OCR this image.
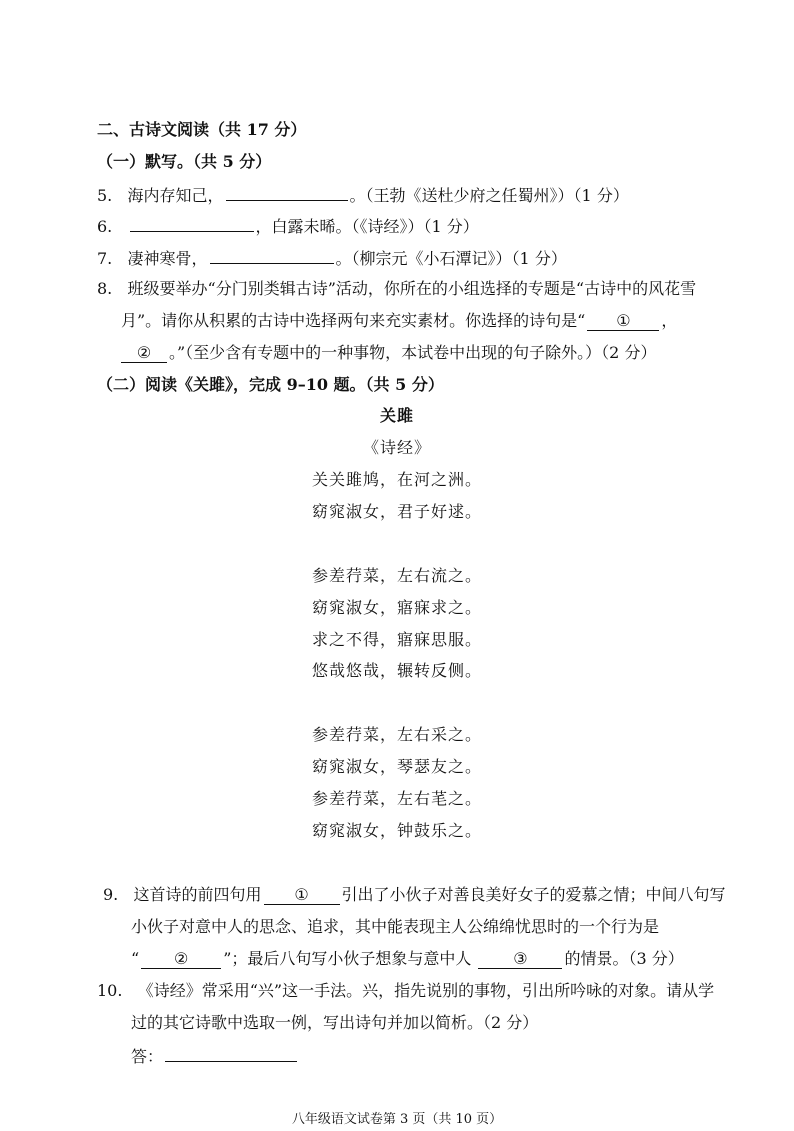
二、古诗文阅读（共 17 分）
（一）默写。（共 5 分）
5. 海内存知己，	。（王勃《送杜少府之任蜀州》）（1 分）
6.	，白露未晞。（《诗经》）（1 分）
7. 凄神寒骨，	。（柳宗元《小石潭记》）（1 分）
8. 班级要举办“分门别类辑古诗”活动，你所在的小组选择的专题是“古诗中的风花雪
月”。请你从积累的古诗中选择两句来充实素材。你选择的诗句是“ ① ，
② 。”（至少含有专题中的一种事物，本试卷中出现的句子除外。）（2 分）
（二）阅读《关雎》，完成 9–10 题。（共 5 分）
关雎
《诗经》
关关雎鸠，在河之洲。
窈窕淑女，君子好逑。
参差荇菜，左右流之。
窈窕淑女，寤寐求之。
求之不得，寤寐思服。
悠哉悠哉，辗转反侧。
参差荇菜，左右采之。
窈窕淑女，琴瑟友之。
参差荇菜，左右芼之。
窈窕淑女，钟鼓乐之。
9. 这首诗的前四句用 ① 引出了小伙子对善良美好女子的爱慕之情；中间八句写
小伙子对意中人的思念、追求，其中能表现主人公绵绵忧思时的一个行为是
“ ② ”；最后八句写小伙子想象与意中人	③ 的情景。（3 分）
10. 《诗经》常采用“兴”这一手法。兴，指先说别的事物，引出所吟咏的对象。请从学
过的其它诗歌中选取一例，写出诗句并加以简析。（2 分）
答：
八年级语文试卷第 3 页（共 10 页）
